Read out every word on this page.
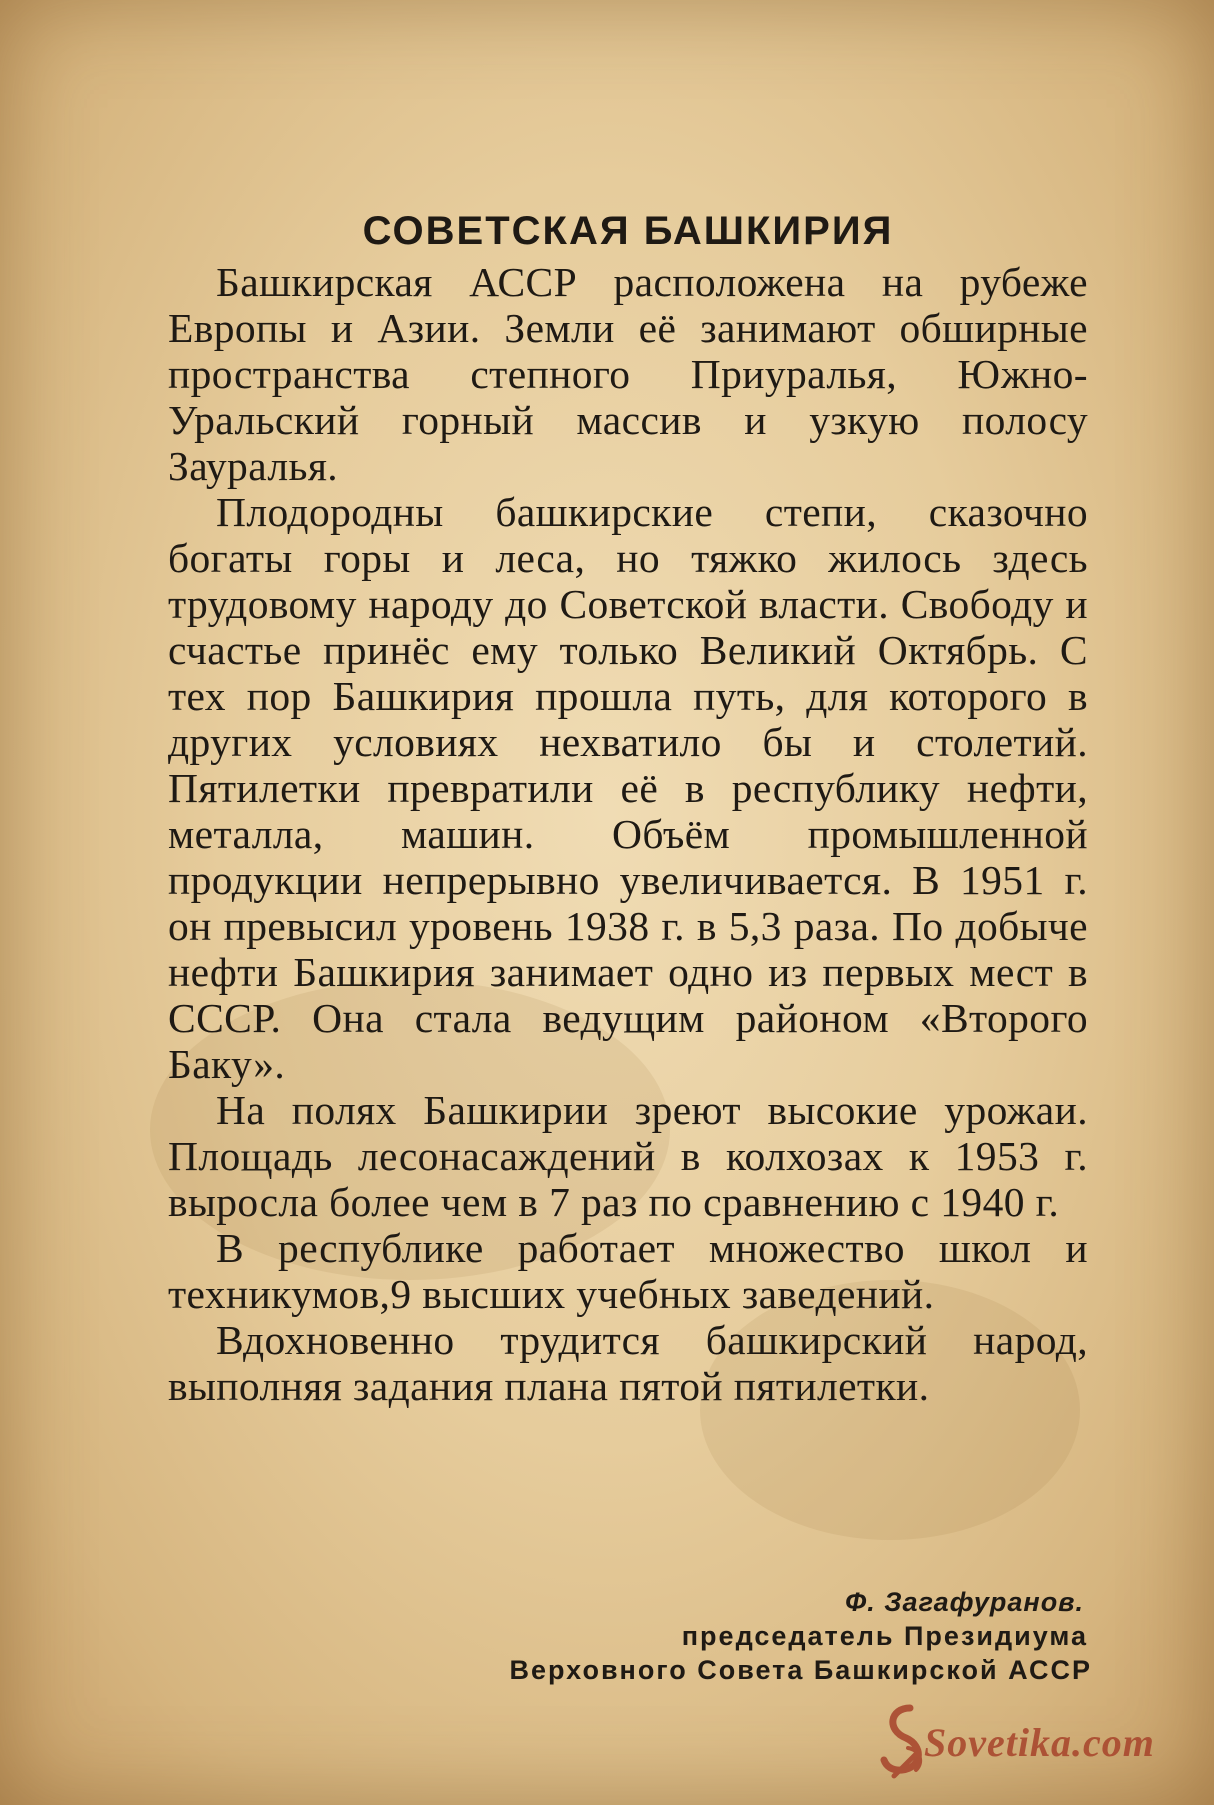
СОВЕТСКАЯ БАШКИРИЯ

Башкирская АССР расположена на рубеже Европы и Азии. Земли её занимают обширные пространства степного Приуралья, Южно-Уральский горный массив и узкую полосу Зауралья.

Плодородны башкирские степи, сказочно богаты горы и леса, но тяжко жилось здесь трудовому народу до Советской власти. Свободу и счастье принёс ему только Великий Октябрь. С тех пор Башкирия прошла путь, для которого в других условиях нехватило бы и столетий. Пятилетки превратили её в республику нефти, металла, машин. Объём промышленной продукции непрерывно увеличивается. В 1951 г. он превысил уровень 1938 г. в 5,3 раза. По добыче нефти Башкирия занимает одно из первых мест в СССР. Она стала ведущим районом «Второго Баку».

На полях Башкирии зреют высокие урожаи. Площадь лесонасаждений в колхозах к 1953 г. выросла более чем в 7 раз по сравнению с 1940 г.

В республике работает множество школ и техникумов,9 высших учебных заведений.

Вдохновенно трудится башкирский народ, выполняя задания плана пятой пятилетки.

Ф. Загафуранов.
председатель Президиума
Верховного Совета Башкирской АССР
Sovetika.com
